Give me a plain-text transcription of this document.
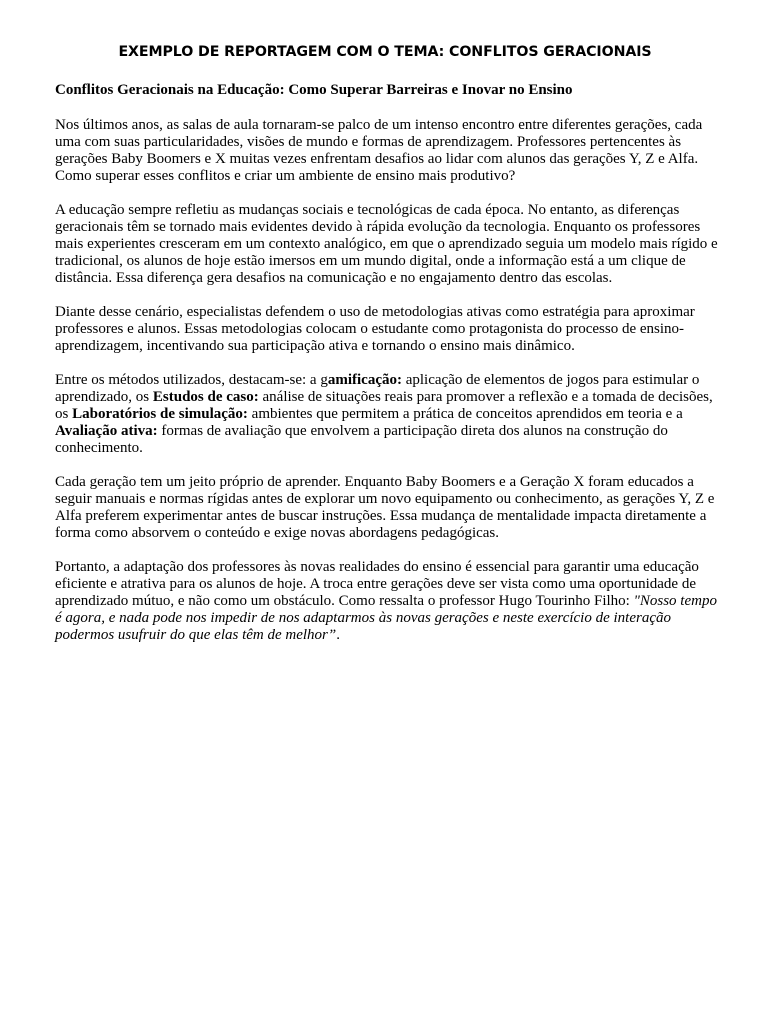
EXEMPLO DE REPORTAGEM COM O TEMA: CONFLITOS GERACIONAIS
Conflitos Geracionais na Educação: Como Superar Barreiras e Inovar no Ensino

Nos últimos anos, as salas de aula tornaram-se palco de um intenso encontro entre diferentes gerações, cada uma com suas particularidades, visões de mundo e formas de aprendizagem. Professores pertencentes às gerações Baby Boomers e X muitas vezes enfrentam desafios ao lidar com alunos das gerações Y, Z e Alfa. Como superar esses conflitos e criar um ambiente de ensino mais produtivo?

A educação sempre refletiu as mudanças sociais e tecnológicas de cada época. No entanto, as diferenças geracionais têm se tornado mais evidentes devido à rápida evolução da tecnologia. Enquanto os professores mais experientes cresceram em um contexto analógico, em que o aprendizado seguia um modelo mais rígido e tradicional, os alunos de hoje estão imersos em um mundo digital, onde a informação está a um clique de distância. Essa diferença gera desafios na comunicação e no engajamento dentro das escolas.

Diante desse cenário, especialistas defendem o uso de metodologias ativas como estratégia para aproximar professores e alunos. Essas metodologias colocam o estudante como protagonista do processo de ensino-aprendizagem, incentivando sua participação ativa e tornando o ensino mais dinâmico.

Entre os métodos utilizados, destacam-se: a gamificação: aplicação de elementos de jogos para estimular o aprendizado, os Estudos de caso: análise de situações reais para promover a reflexão e a tomada de decisões, os Laboratórios de simulação: ambientes que permitem a prática de conceitos aprendidos em teoria e a Avaliação ativa: formas de avaliação que envolvem a participação direta dos alunos na construção do conhecimento.

Cada geração tem um jeito próprio de aprender. Enquanto Baby Boomers e a Geração X foram educados a seguir manuais e normas rígidas antes de explorar um novo equipamento ou conhecimento, as gerações Y, Z e Alfa preferem experimentar antes de buscar instruções. Essa mudança de mentalidade impacta diretamente a forma como absorvem o conteúdo e exige novas abordagens pedagógicas.

Portanto, a adaptação dos professores às novas realidades do ensino é essencial para garantir uma educação eficiente e atrativa para os alunos de hoje. A troca entre gerações deve ser vista como uma oportunidade de aprendizado mútuo, e não como um obstáculo. Como ressalta o professor Hugo Tourinho Filho: "Nosso tempo é agora, e nada pode nos impedir de nos adaptarmos às novas gerações e neste exercício de interação podermos usufruir do que elas têm de melhor”.
